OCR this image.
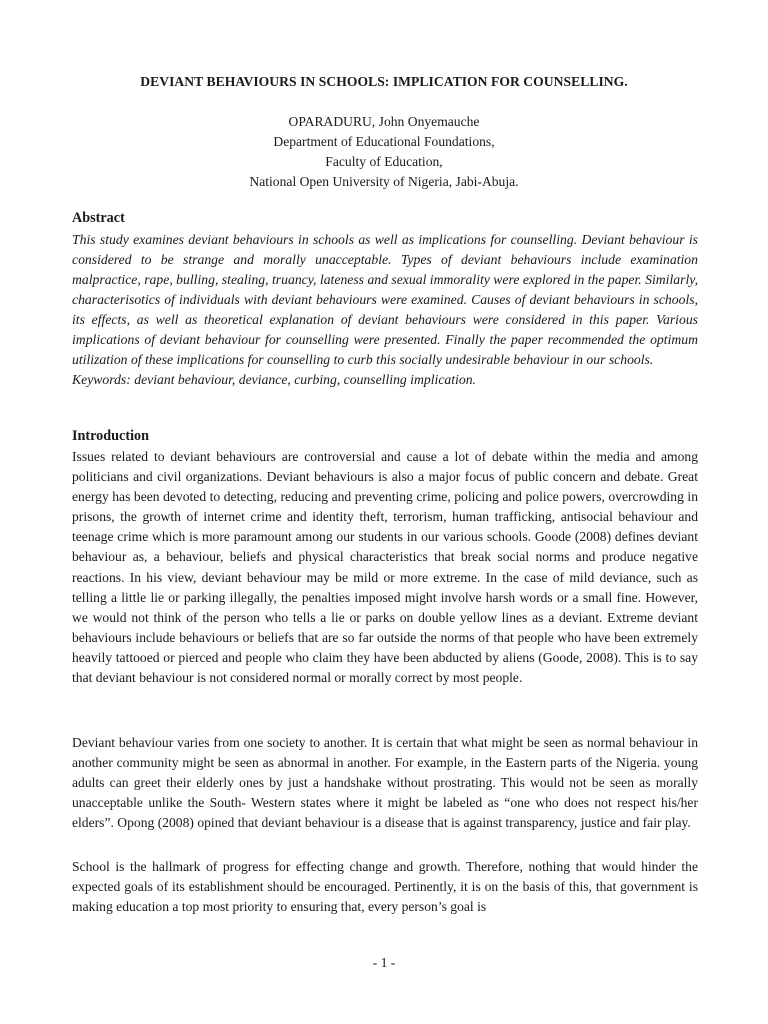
DEVIANT BEHAVIOURS IN SCHOOLS: IMPLICATION FOR COUNSELLING.
OPARADURU, John Onyemauche
Department of Educational Foundations,
Faculty of Education,
National Open University of Nigeria, Jabi-Abuja.
Abstract

This study examines deviant behaviours in schools as well as implications for counselling. Deviant behaviour is considered to be strange and morally unacceptable. Types of deviant behaviours include examination malpractice, rape, bulling, stealing, truancy, lateness and sexual immorality were explored in the paper. Similarly, characterisotics of individuals with deviant behaviours were examined. Causes of deviant behaviours in schools, its effects, as well as theoretical explanation of deviant behaviours were considered in this paper. Various implications of deviant behaviour for counselling were presented. Finally the paper recommended the optimum utilization of these implications for counselling to curb this socially undesirable behaviour in our schools.

Keywords: deviant behaviour, deviance, curbing, counselling implication.

Introduction

Issues related to deviant behaviours are controversial and cause a lot of debate within the media and among politicians and civil organizations. Deviant behaviours is also a major focus of public concern and debate. Great energy has been devoted to detecting, reducing and preventing crime, policing and police powers, overcrowding in prisons, the growth of internet crime and identity theft, terrorism, human trafficking, antisocial behaviour and teenage crime which is more paramount among our students in our various schools. Goode (2008) defines deviant behaviour as, a behaviour, beliefs and physical characteristics that break social norms and produce negative reactions. In his view, deviant behaviour may be mild or more extreme. In the case of mild deviance, such as telling a little lie or parking illegally, the penalties imposed might involve harsh words or a small fine. However, we would not think of the person who tells a lie or parks on double yellow lines as a deviant. Extreme deviant behaviours include behaviours or beliefs that are so far outside the norms of that people who have been extremely heavily tattooed or pierced and people who claim they have been abducted by aliens (Goode, 2008). This is to say that deviant behaviour is not considered normal or morally correct by most people.

Deviant behaviour varies from one society to another. It is certain that what might be seen as normal behaviour in another community might be seen as abnormal in another. For example, in the Eastern parts of the Nigeria. young adults can greet their elderly ones by just a handshake without prostrating. This would not be seen as morally unacceptable unlike the South- Western states where it might be labeled as “one who does not respect his/her elders”. Opong (2008) opined that deviant behaviour is a disease that is against transparency, justice and fair play.

School is the hallmark of progress for effecting change and growth. Therefore, nothing that would hinder the expected goals of its establishment should be encouraged. Pertinently, it is on the basis of this, that government is making education a top most priority to ensuring that, every person’s goal is

- 1 -
